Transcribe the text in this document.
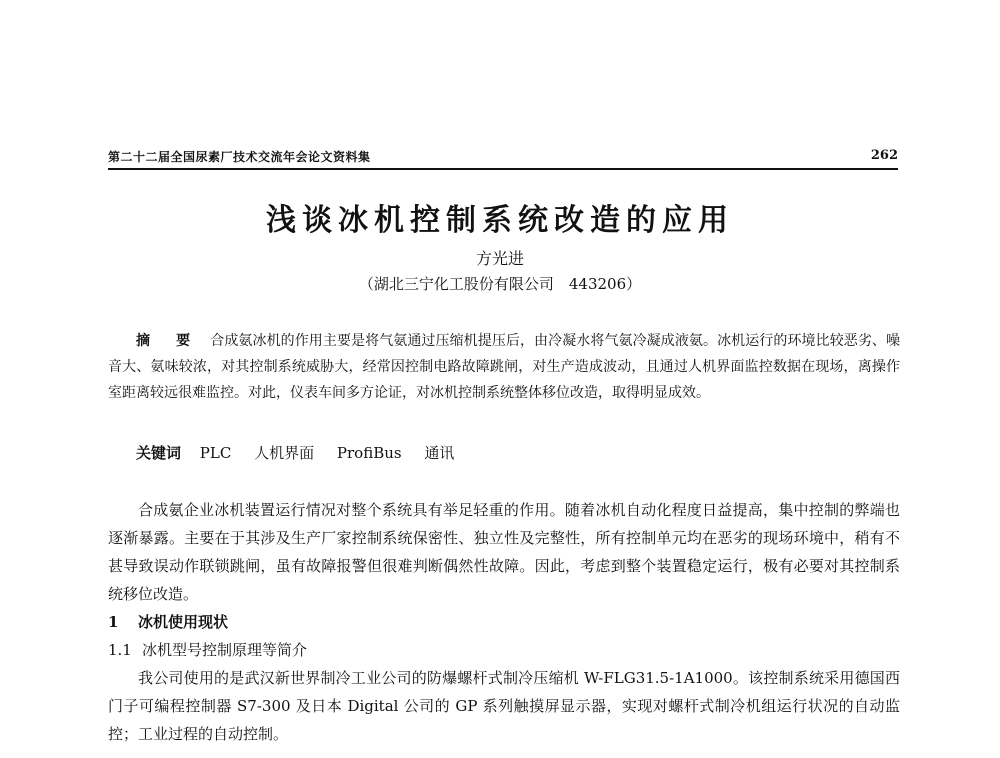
第二十二届全国尿素厂技术交流年会论文资料集	262
浅谈冰机控制系统改造的应用
方光进
（湖北三宁化工股份有限公司　443206）
摘　要 合成氨冰机的作用主要是将气氨通过压缩机提压后，由冷凝水将气氨冷凝成液氨。冰机运行的环境比较恶劣、噪音大、氨味较浓，对其控制系统威胁大，经常因控制电路故障跳闸，对生产造成波动，且通过人机界面监控数据在现场，离操作室距离较远很难监控。对此，仪表车间多方论证，对冰机控制系统整体移位改造，取得明显成效。
关键词 PLC 人机界面 ProfiBus 通讯

合成氨企业冰机装置运行情况对整个系统具有举足轻重的作用。随着冰机自动化程度日益提高，集中控制的弊端也逐渐暴露。主要在于其涉及生产厂家控制系统保密性、独立性及完整性，所有控制单元均在恶劣的现场环境中，稍有不甚导致误动作联锁跳闸，虽有故障报警但很难判断偶然性故障。因此，考虑到整个装置稳定运行，极有必要对其控制系统移位改造。

1 冰机使用现状

1.1 冰机型号控制原理等简介

我公司使用的是武汉新世界制冷工业公司的防爆螺杆式制冷压缩机 W-FLG31.5-1A1000。该控制系统采用德国西门子可编程控制器 S7-300 及日本 Digital 公司的 GP 系列触摸屏显示器，实现对螺杆式制冷机组运行状况的自动监控；工业过程的自动控制。
